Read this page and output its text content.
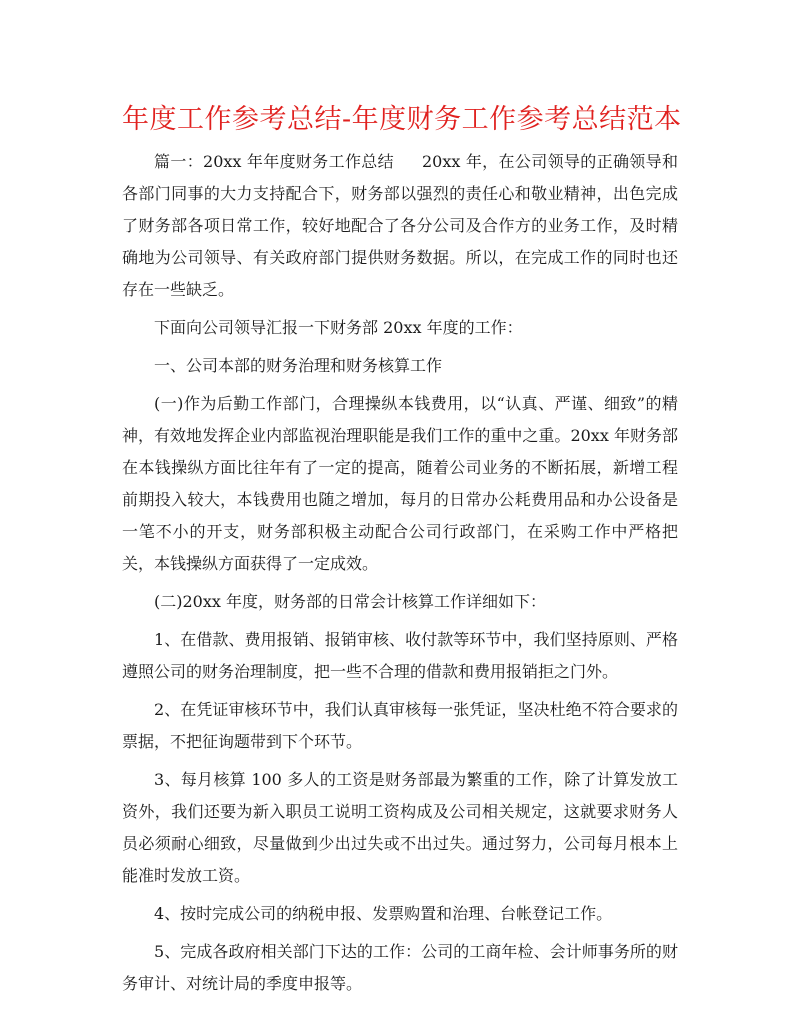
年度工作参考总结-年度财务工作参考总结范本

篇一：20xx 年年度财务工作总结 20xx 年，在公司领导的正确领导和各部门同事的大力支持配合下，财务部以强烈的责任心和敬业精神，出色完成了财务部各项日常工作，较好地配合了各分公司及合作方的业务工作，及时精确地为公司领导、有关政府部门提供财务数据。所以，在完成工作的同时也还存在一些缺乏。

下面向公司领导汇报一下财务部 20xx 年度的工作：

一、公司本部的财务治理和财务核算工作

(一)作为后勤工作部门，合理操纵本钱费用，以“认真、严谨、细致”的精神，有效地发挥企业内部监视治理职能是我们工作的重中之重。20xx 年财务部在本钱操纵方面比往年有了一定的提高，随着公司业务的不断拓展，新增工程前期投入较大，本钱费用也随之增加，每月的日常办公耗费用品和办公设备是一笔不小的开支，财务部积极主动配合公司行政部门，在采购工作中严格把关，本钱操纵方面获得了一定成效。

(二)20xx 年度，财务部的日常会计核算工作详细如下：

1、在借款、费用报销、报销审核、收付款等环节中，我们坚持原则、严格遵照公司的财务治理制度，把一些不合理的借款和费用报销拒之门外。

2、在凭证审核环节中，我们认真审核每一张凭证，坚决杜绝不符合要求的票据，不把征询题带到下个环节。

3、每月核算 100 多人的工资是财务部最为繁重的工作，除了计算发放工资外，我们还要为新入职员工说明工资构成及公司相关规定，这就要求财务人员必须耐心细致，尽量做到少出过失或不出过失。通过努力，公司每月根本上能准时发放工资。

4、按时完成公司的纳税申报、发票购置和治理、台帐登记工作。

5、完成各政府相关部门下达的工作：公司的工商年检、会计师事务所的财务审计、对统计局的季度申报等。
